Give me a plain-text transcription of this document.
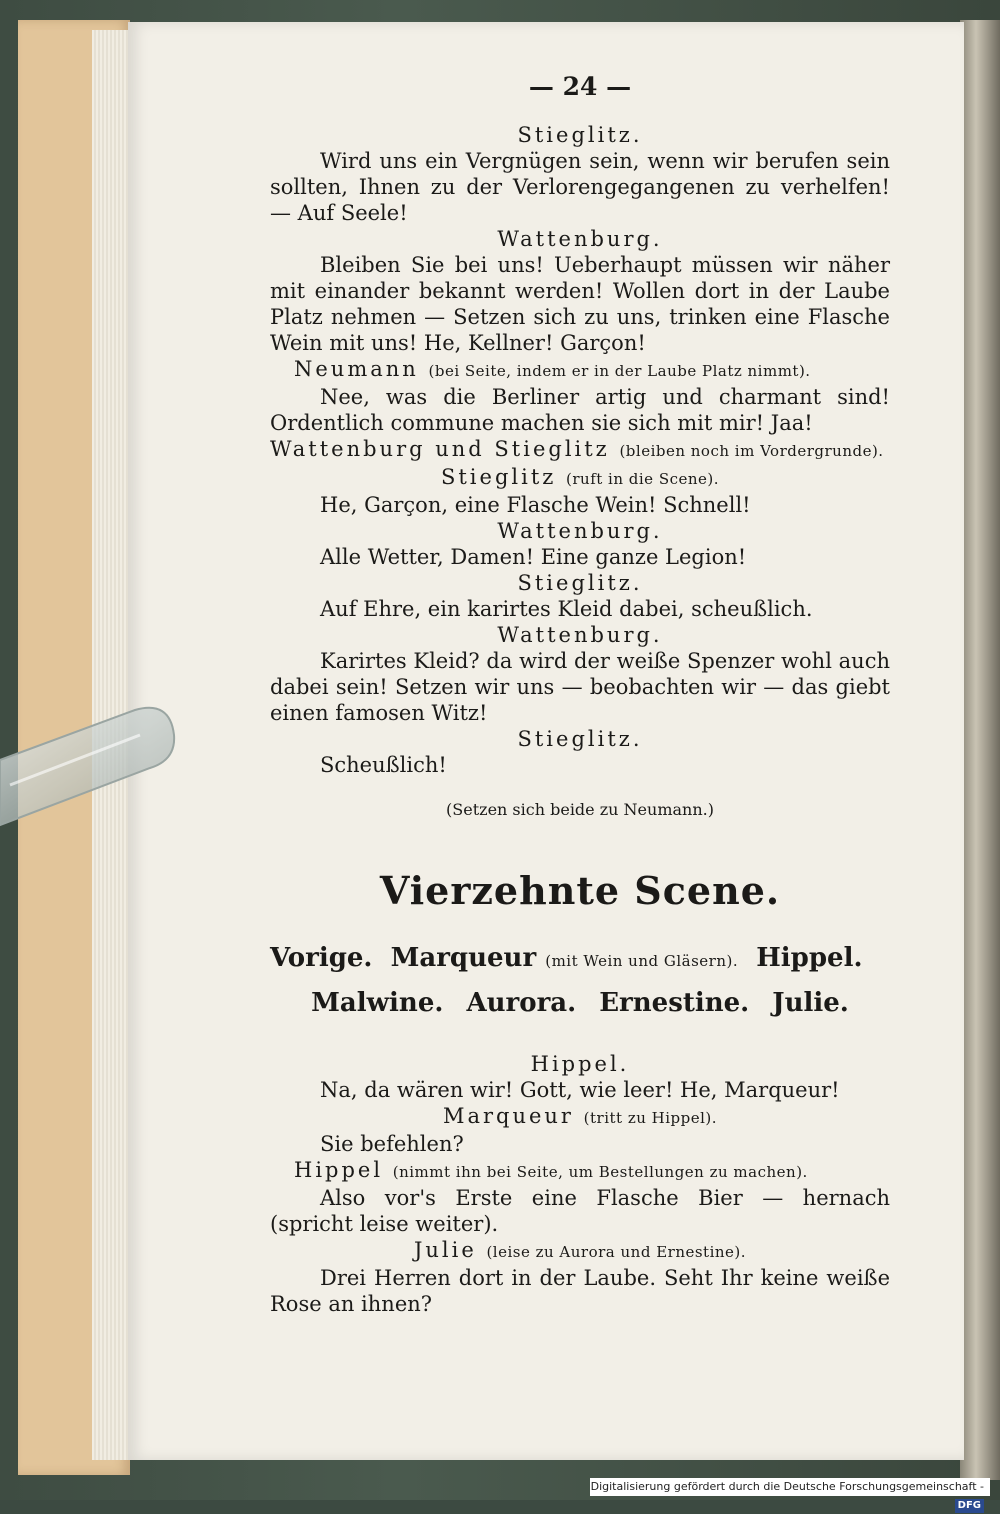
— 24 —

Stieglitz.

Wird uns ein Vergnügen sein, wenn wir berufen sein sollten, Ihnen zu der Verlorengegangenen zu verhelfen! — Auf Seele!

Wattenburg.

Bleiben Sie bei uns! Ueberhaupt müssen wir näher mit einander bekannt werden! Wollen dort in der Laube Platz nehmen — Setzen sich zu uns, trinken eine Flasche Wein mit uns! He, Kellner! Garçon!

Neumann (bei Seite, indem er in der Laube Platz nimmt).

Nee, was die Berliner artig und charmant sind! Ordentlich commune machen sie sich mit mir! Jaa!

Wattenburg und Stieglitz (bleiben noch im Vordergrunde).

Stieglitz (ruft in die Scene).

He, Garçon, eine Flasche Wein! Schnell!

Wattenburg.

Alle Wetter, Damen! Eine ganze Legion!

Stieglitz.

Auf Ehre, ein karirtes Kleid dabei, scheußlich.

Wattenburg.

Karirtes Kleid? da wird der weiße Spenzer wohl auch dabei sein! Setzen wir uns — beobachten wir — das giebt einen famosen Witz!

Stieglitz.

Scheußlich!

(Setzen sich beide zu Neumann.)

Vierzehnte Scene.

Vorige. Marqueur (mit Wein und Gläsern). Hippel.

Malwine. Aurora. Ernestine. Julie.

Hippel.

Na, da wären wir! Gott, wie leer! He, Marqueur!

Marqueur (tritt zu Hippel).

Sie befehlen?

Hippel (nimmt ihn bei Seite, um Bestellungen zu machen).

Also vor's Erste eine Flasche Bier — hernach (spricht leise weiter).

Julie (leise zu Aurora und Ernestine).

Drei Herren dort in der Laube. Seht Ihr keine weiße Rose an ihnen?

Digitalisierung gefördert durch die Deutsche Forschungsgemeinschaft - DFG
